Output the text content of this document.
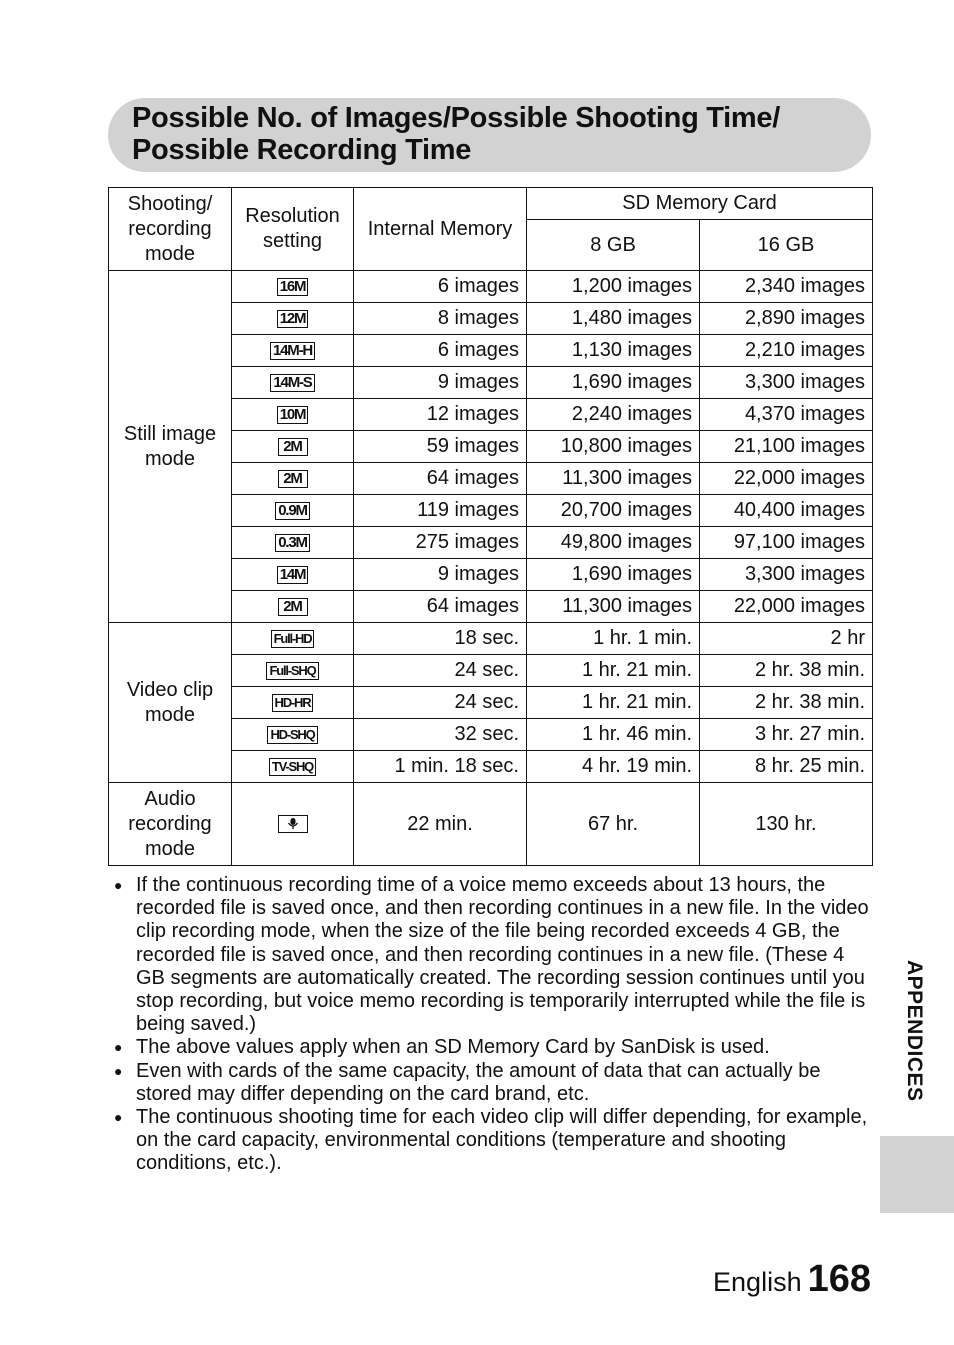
Possible No. of Images/Possible Shooting Time/
Possible Recording Time
Shooting/ recording mode	Resolution setting	Internal Memory	SD Memory Card	
			8 GB	16 GB
Still image mode	16M	6 images	1,200 images	2,340 images
	12M	8 images	1,480 images	2,890 images
	14M-H	6 images	1,130 images	2,210 images
	14M-S	9 images	1,690 images	3,300 images
	10M	12 images	2,240 images	4,370 images
	2M	59 images	10,800 images	21,100 images
	2M	64 images	11,300 images	22,000 images
	0.9M	119 images	20,700 images	40,400 images
	0.3M	275 images	49,800 images	97,100 images
	14M	9 images	1,690 images	3,300 images
	2M	64 images	11,300 images	22,000 images
Video clip mode	Full-HD	18 sec.	1 hr. 1 min.	2 hr
	Full-SHQ	24 sec.	1 hr. 21 min.	2 hr. 38 min.
	HD-HR	24 sec.	1 hr. 21 min.	2 hr. 38 min.
	HD-SHQ	32 sec.	1 hr. 46 min.	3 hr. 27 min.
	TV-SHQ	1 min. 18 sec.	4 hr. 19 min.	8 hr. 25 min.
Audio recording mode		22 min.	67 hr.	130 hr.
● If the continuous recording time of a voice memo exceeds about 13 hours, the recorded file is saved once, and then recording continues in a new file. In the video clip recording mode, when the size of the file being recorded exceeds 4 GB, the recorded file is saved once, and then recording continues in a new file. (These 4 GB segments are automatically created. The recording session continues until you stop recording, but voice memo recording is temporarily interrupted while the file is being saved.)
● The above values apply when an SD Memory Card by SanDisk is used.
● Even with cards of the same capacity, the amount of data that can actually be stored may differ depending on the card brand, etc.
● The continuous shooting time for each video clip will differ depending, for example, on the card capacity, environmental conditions (temperature and shooting conditions, etc.).
APPENDICES
English 168
